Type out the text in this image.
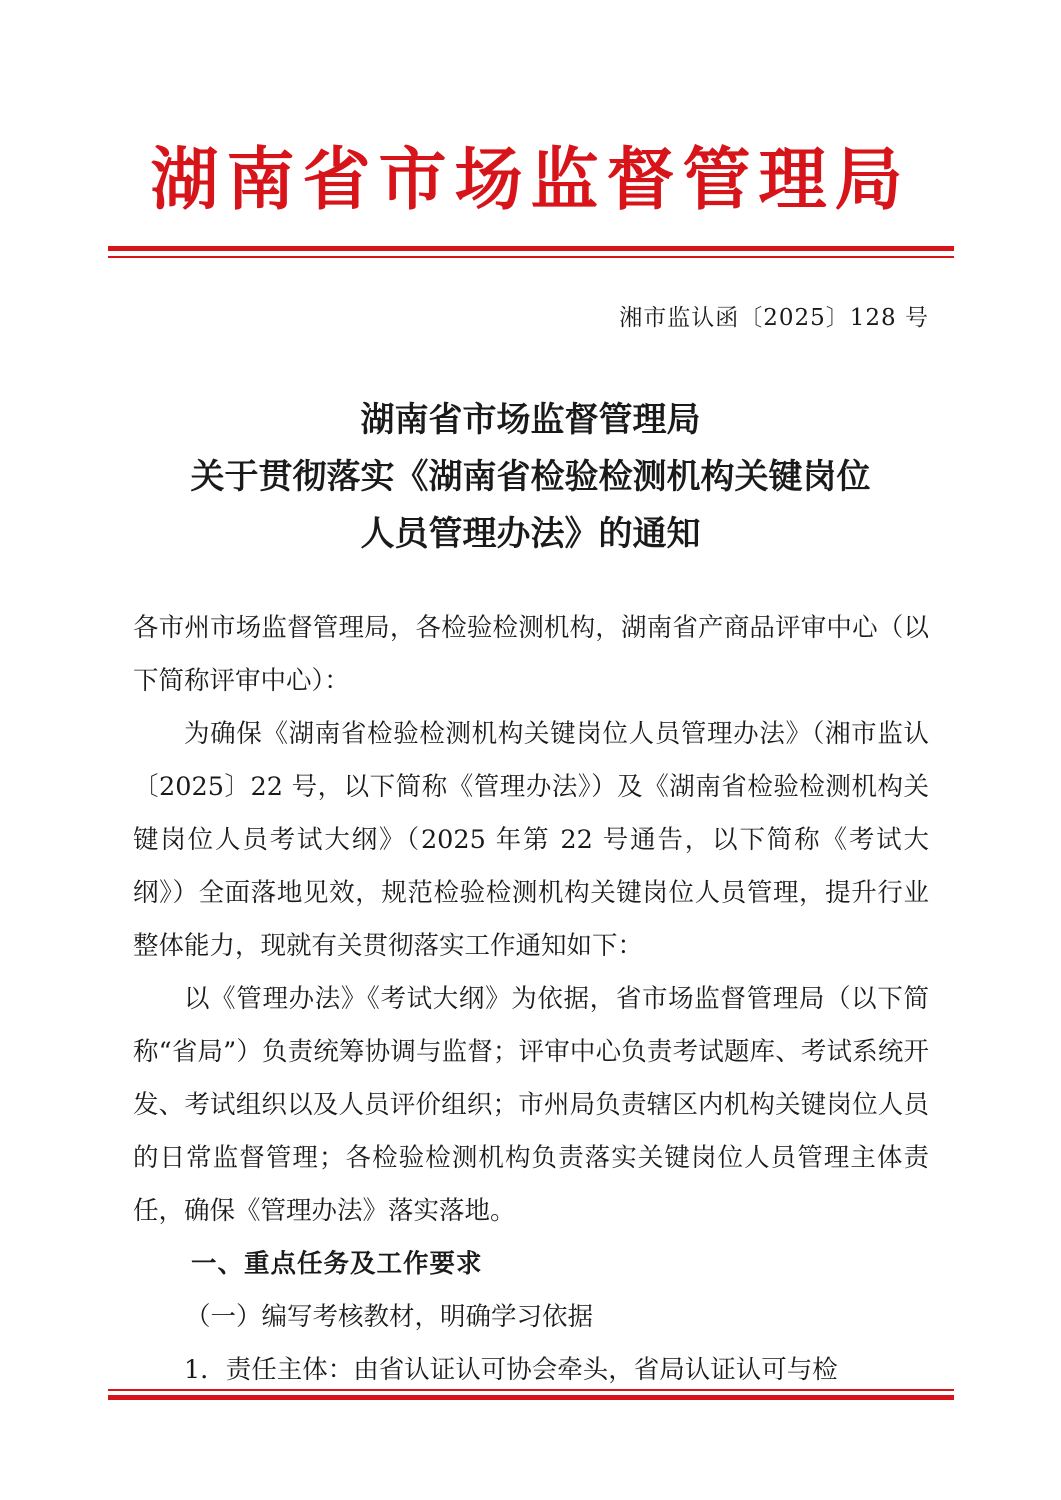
湖南省市场监督管理局
湘市监认函〔2025〕128 号
湖南省市场监督管理局
关于贯彻落实《湖南省检验检测机构关键岗位
人员管理办法》的通知

各市州市场监督管理局，各检验检测机构，湖南省产商品评审中心（以下简称评审中心）：

为确保《湖南省检验检测机构关键岗位人员管理办法》（湘市监认〔2025〕22 号，以下简称《管理办法》）及《湖南省检验检测机构关键岗位人员考试大纲》（2025 年第 22 号通告，以下简称《考试大纲》）全面落地见效，规范检验检测机构关键岗位人员管理，提升行业整体能力，现就有关贯彻落实工作通知如下：

以《管理办法》《考试大纲》为依据，省市场监督管理局（以下简称“省局”）负责统筹协调与监督；评审中心负责考试题库、考试系统开发、考试组织以及人员评价组织；市州局负责辖区内机构关键岗位人员的日常监督管理；各检验检测机构负责落实关键岗位人员管理主体责任，确保《管理办法》落实落地。

一、重点任务及工作要求

（一）编写考核教材，明确学习依据

1．责任主体：由省认证认可协会牵头，省局认证认可与检
